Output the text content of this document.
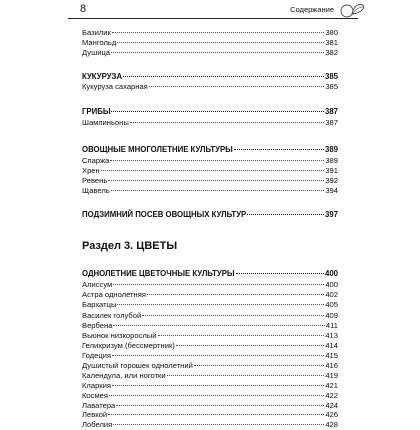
8	Содержание
Базилик	380
Мангольд	381
Душица	382
КУКУРУЗА	385
Кукуруза сахарная	385
ГРИБЫ	387
Шампиньоны	387
ОВОЩНЫЕ МНОГОЛЕТНИЕ КУЛЬТУРЫ	389
Спаржа	389
Хрен	391
Ревень	392
Щавель	394
ПОДЗИМНИЙ ПОСЕВ ОВОЩНЫХ КУЛЬТУР	397
ОДНОЛЕТНИЕ ЦВЕТОЧНЫЕ КУЛЬТУРЫ	400
Алиссум	400
Астра однолетняя	402
Бархатцы	405
Василек голубой	409
Вербена	411
Вьюнок низкорослый	413
Гелихризум (бессмертник)	414
Годеция	415
Душистый горошек однолетний	416
Календула, или ноготки	419
Кларкия	421
Космея	422
Лаватера	424
Левкой	426
Лобелия	428
Раздел 3. ЦВЕТЫ
